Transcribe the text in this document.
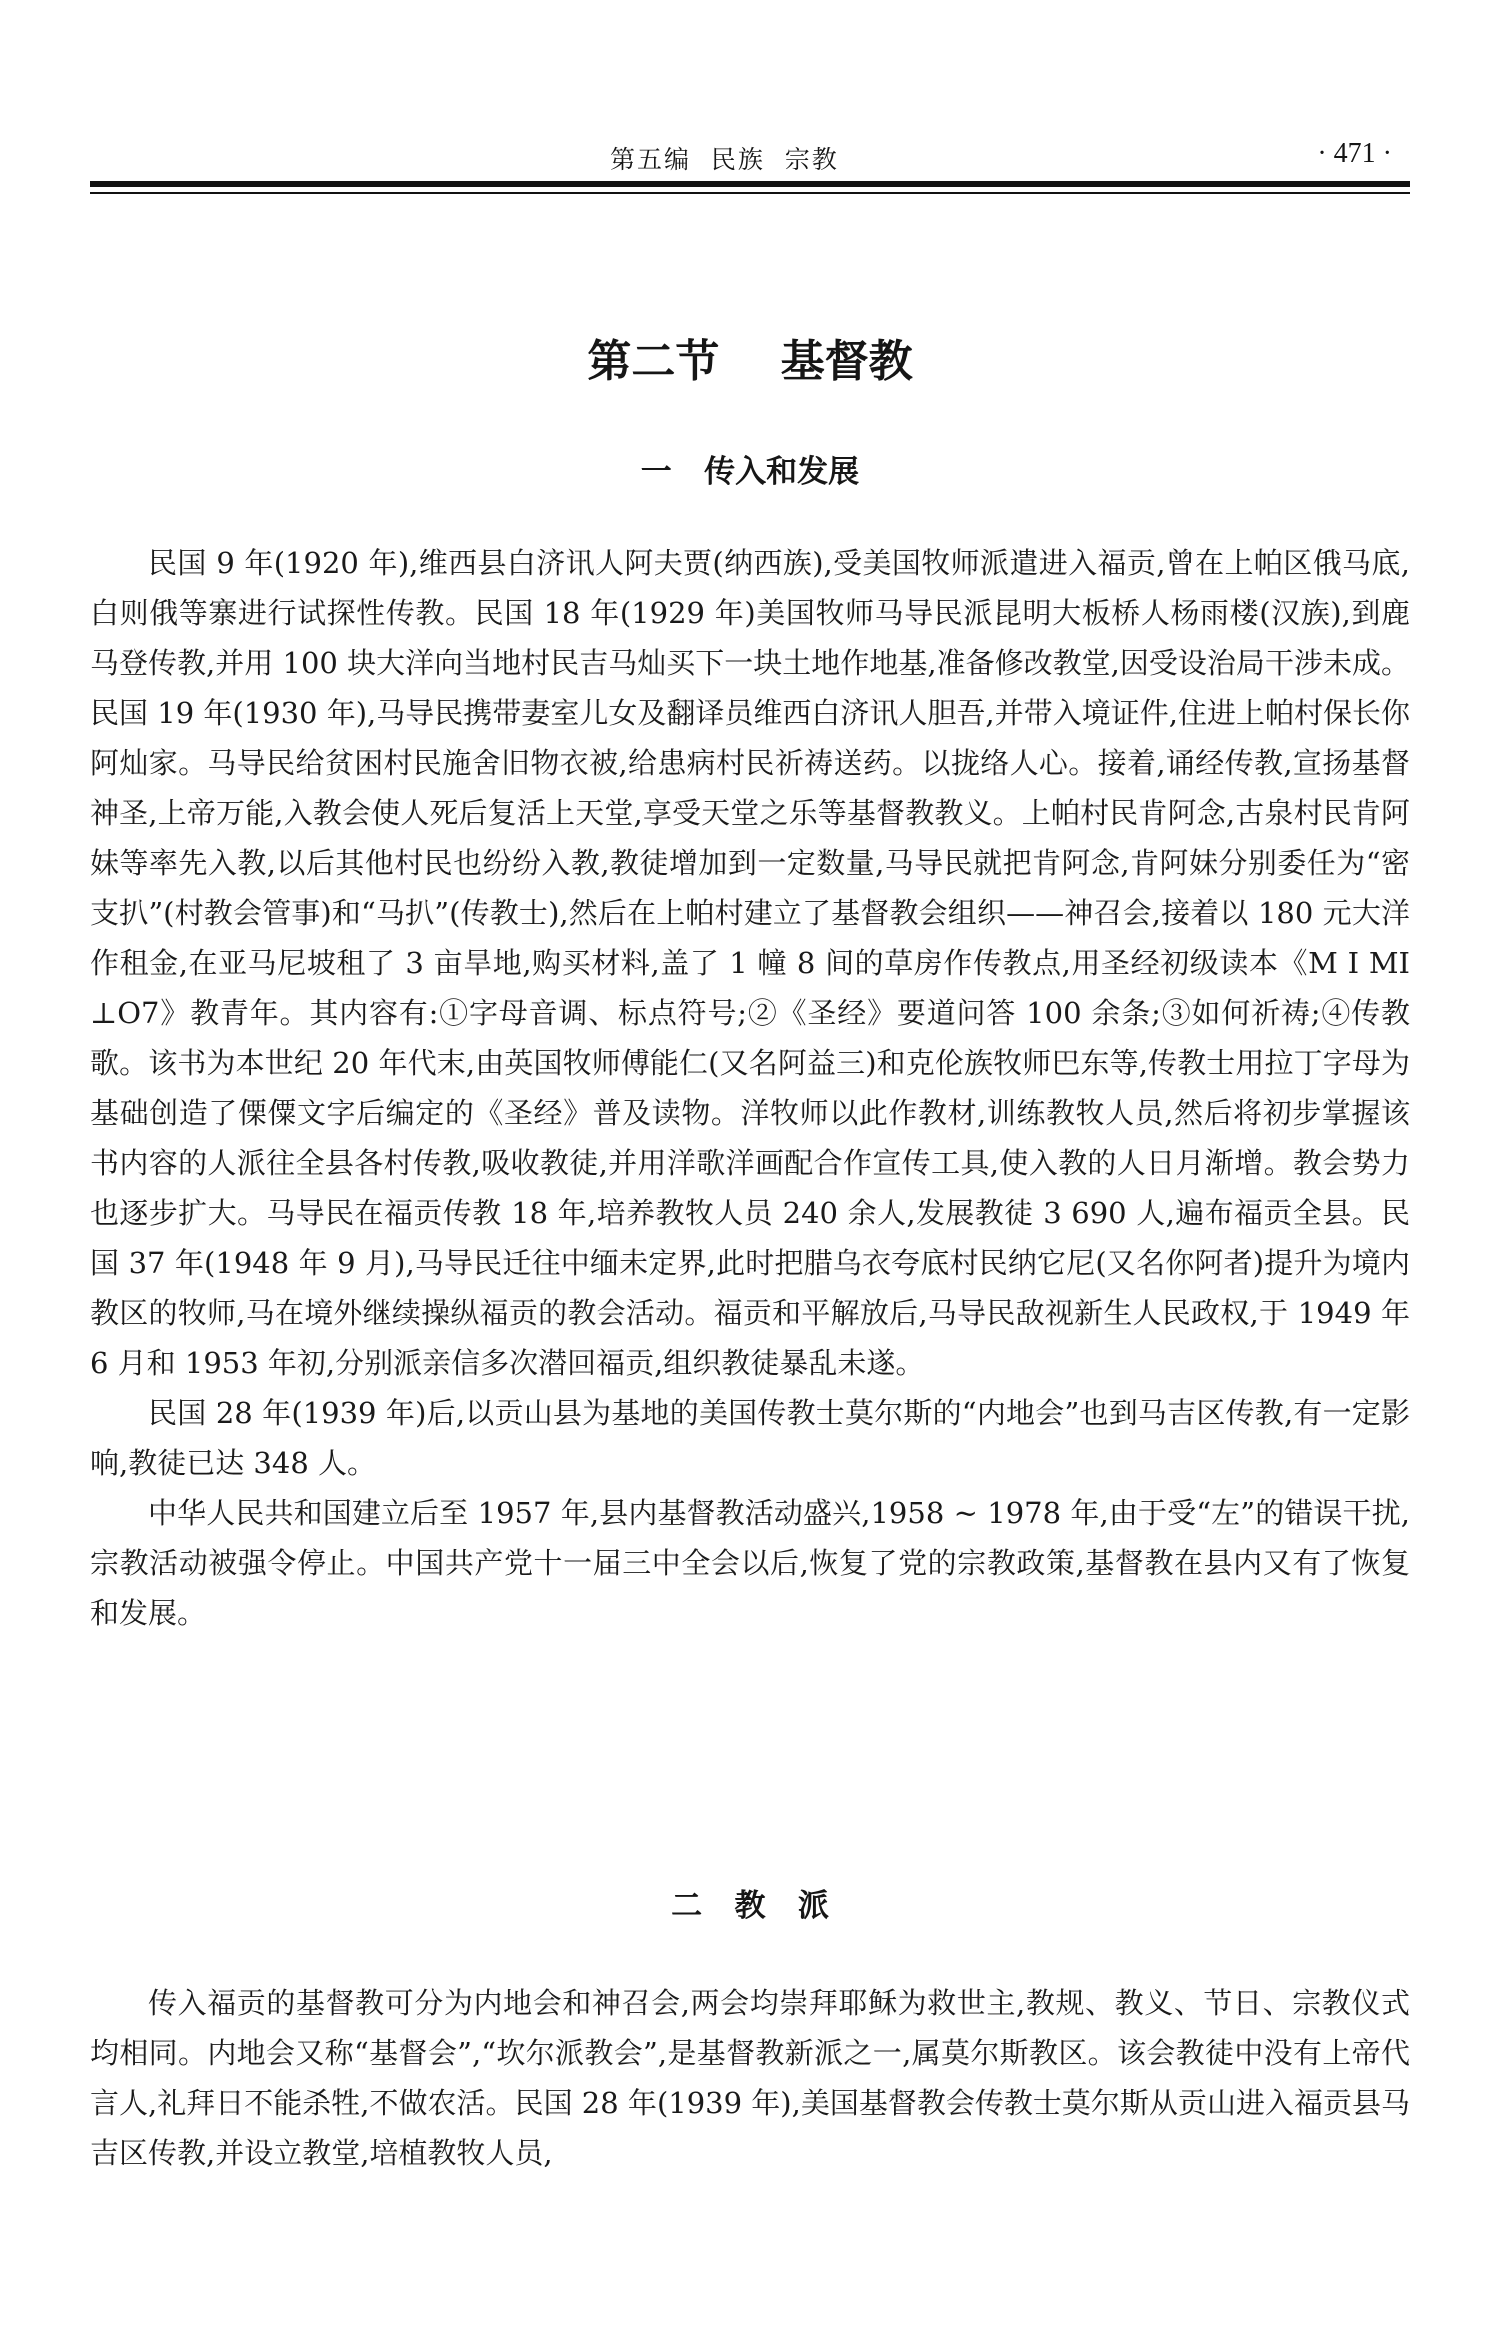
第五编  民族  宗教	· 471 ·
第二节    基督教
一   传入和发展

民国 9 年(1920 年),维西县白济讯人阿夫贾(纳西族),受美国牧师派遣进入福贡,曾在上帕区俄马底,白则俄等寨进行试探性传教。民国 18 年(1929 年)美国牧师马导民派昆明大板桥人杨雨楼(汉族),到鹿马登传教,并用 100 块大洋向当地村民吉马灿买下一块土地作地基,准备修改教堂,因受设治局干涉未成。民国 19 年(1930 年),马导民携带妻室儿女及翻译员维西白济讯人胆吾,并带入境证件,住进上帕村保长你阿灿家。马导民给贫困村民施舍旧物衣被,给患病村民祈祷送药。以拢络人心。接着,诵经传教,宣扬基督神圣,上帝万能,入教会使人死后复活上天堂,享受天堂之乐等基督教教义。上帕村民肯阿念,古泉村民肯阿妹等率先入教,以后其他村民也纷纷入教,教徒增加到一定数量,马导民就把肯阿念,肯阿妹分别委任为“密支扒”(村教会管事)和“马扒”(传教士),然后在上帕村建立了基督教会组织——神召会,接着以 180 元大洋作租金,在亚马尼坡租了 3 亩旱地,购买材料,盖了 1 幢 8 间的草房作传教点,用圣经初级读本《M I MI ⊥O7》教青年。其内容有:①字母音调、标点符号;②《圣经》要道问答 100 余条;③如何祈祷;④传教歌。该书为本世纪 20 年代末,由英国牧师傅能仁(又名阿益三)和克伦族牧师巴东等,传教士用拉丁字母为基础创造了傈僳文字后编定的《圣经》普及读物。洋牧师以此作教材,训练教牧人员,然后将初步掌握该书内容的人派往全县各村传教,吸收教徒,并用洋歌洋画配合作宣传工具,使入教的人日月渐增。教会势力也逐步扩大。马导民在福贡传教 18 年,培养教牧人员 240 余人,发展教徒 3 690 人,遍布福贡全县。民国 37 年(1948 年 9 月),马导民迁往中缅未定界,此时把腊乌衣夸底村民纳它尼(又名你阿者)提升为境内教区的牧师,马在境外继续操纵福贡的教会活动。福贡和平解放后,马导民敌视新生人民政权,于 1949 年 6 月和 1953 年初,分别派亲信多次潜回福贡,组织教徒暴乱未遂。

民国 28 年(1939 年)后,以贡山县为基地的美国传教士莫尔斯的“内地会”也到马吉区传教,有一定影响,教徒已达 348 人。

中华人民共和国建立后至 1957 年,县内基督教活动盛兴,1958 ~ 1978 年,由于受“左”的错误干扰,宗教活动被强令停止。中国共产党十一届三中全会以后,恢复了党的宗教政策,基督教在县内又有了恢复和发展。

二   教   派

传入福贡的基督教可分为内地会和神召会,两会均崇拜耶稣为救世主,教规、教义、节日、宗教仪式均相同。内地会又称“基督会”,“坎尔派教会”,是基督教新派之一,属莫尔斯教区。该会教徒中没有上帝代言人,礼拜日不能杀牲,不做农活。民国 28 年(1939 年),美国基督教会传教士莫尔斯从贡山进入福贡县马吉区传教,并设立教堂,培植教牧人员,
